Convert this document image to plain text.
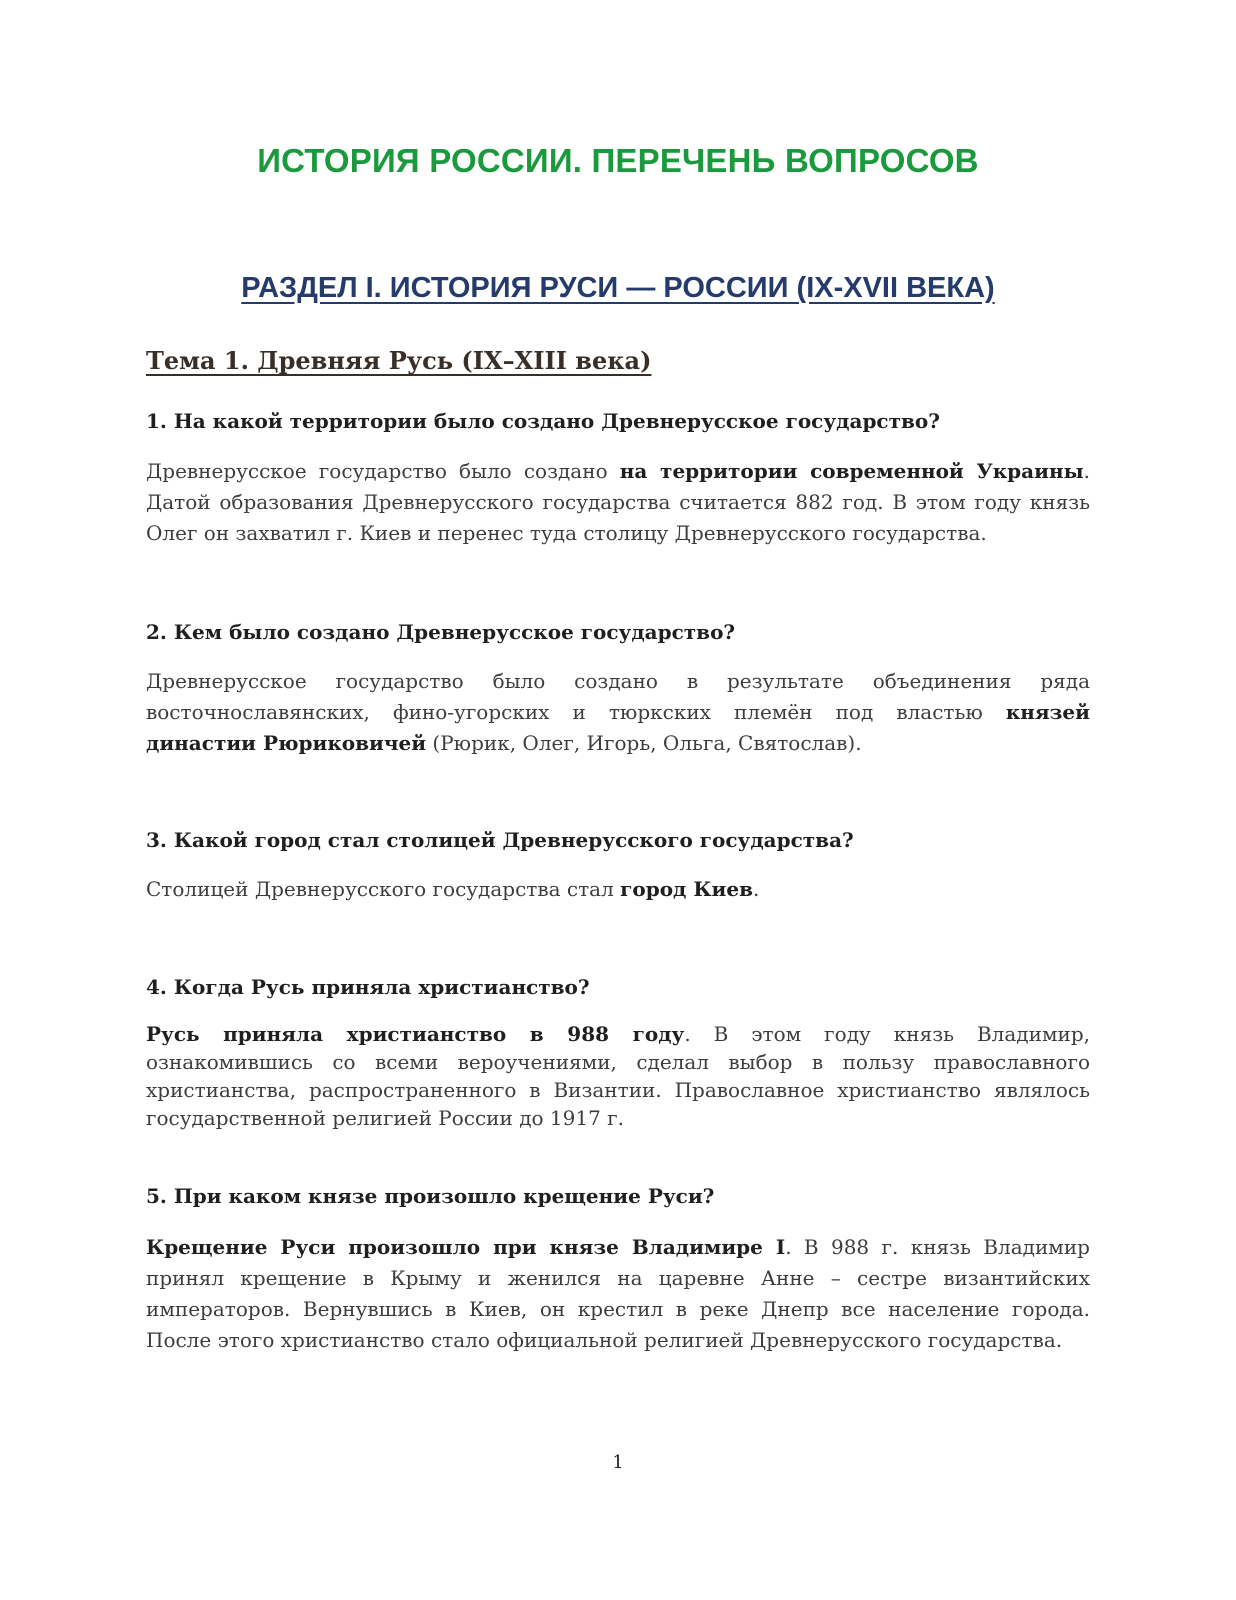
ИСТОРИЯ РОССИИ. ПЕРЕЧЕНЬ ВОПРОСОВ
РАЗДЕЛ I. ИСТОРИЯ РУСИ — РОССИИ (IX-XVII ВЕКА)
Тема 1. Древняя Русь (IX–XIII века)
1. На какой территории было создано Древнерусское государство?
Древнерусское государство было создано на территории современной Украины. Датой образования Древнерусского государства считается 882 год. В этом году князь Олег он захватил г. Киев и перенес туда столицу Древнерусского государства.
2. Кем было создано Древнерусское государство?
Древнерусское государство было создано в результате объединения ряда восточнославянских, фино-угорских и тюркских племён под властью князей династии Рюриковичей (Рюрик, Олег, Игорь, Ольга, Святослав).
3. Какой город стал столицей Древнерусского государства?
Столицей Древнерусского государства стал город Киев.
4. Когда Русь приняла христианство?
Русь приняла христианство в 988 году. В этом году князь Владимир, ознакомившись со всеми вероучениями, сделал выбор в пользу православного христианства, распространенного в Византии. Православное христианство являлось государственной религией России до 1917 г.
5. При каком князе произошло крещение Руси?
Крещение Руси произошло при князе Владимире I. В 988 г. князь Владимир принял крещение в Крыму и женился на царевне Анне – сестре византийских императоров. Вернувшись в Киев, он крестил в реке Днепр все население города. После этого христианство стало официальной религией Древнерусского государства.
1
